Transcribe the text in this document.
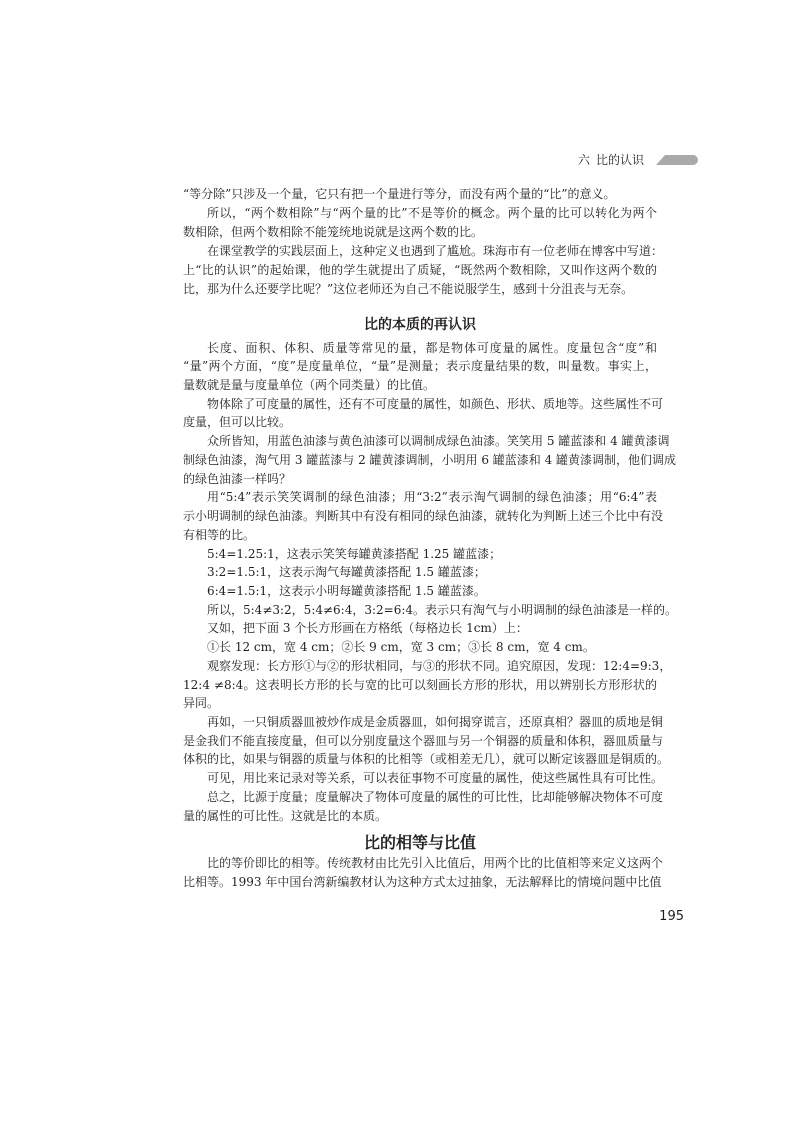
六 比的认识
“等分除”只涉及一个量，它只有把一个量进行等分，而没有两个量的“比”的意义。
所以，“两个数相除”与“两个量的比”不是等价的概念。两个量的比可以转化为两个
数相除，但两个数相除不能笼统地说就是这两个数的比。
在课堂教学的实践层面上，这种定义也遇到了尴尬。珠海市有一位老师在博客中写道：
上“比的认识”的起始课，他的学生就提出了质疑，“既然两个数相除，又叫作这两个数的
比，那为什么还要学比呢？”这位老师还为自己不能说服学生，感到十分沮丧与无奈。
比的本质的再认识
长度、面积、体积、质量等常见的量，都是物体可度量的属性。度量包含“度”和
“量”两个方面，“度”是度量单位，“量”是测量；表示度量结果的数，叫量数。事实上，
量数就是量与度量单位（两个同类量）的比值。
物体除了可度量的属性，还有不可度量的属性，如颜色、形状、质地等。这些属性不可
度量，但可以比较。
众所皆知，用蓝色油漆与黄色油漆可以调制成绿色油漆。笑笑用 5 罐蓝漆和 4 罐黄漆调
制绿色油漆，淘气用 3 罐蓝漆与 2 罐黄漆调制，小明用 6 罐蓝漆和 4 罐黄漆调制，他们调成
的绿色油漆一样吗？
用“5:4”表示笑笑调制的绿色油漆；用“3:2”表示淘气调制的绿色油漆；用“6:4”表
示小明调制的绿色油漆。判断其中有没有相同的绿色油漆，就转化为判断上述三个比中有没
有相等的比。
5:4=1.25:1，这表示笑笑每罐黄漆搭配 1.25 罐蓝漆；
3:2=1.5:1，这表示淘气每罐黄漆搭配 1.5 罐蓝漆；
6:4=1.5:1，这表示小明每罐黄漆搭配 1.5 罐蓝漆。
所以，5:4≠3:2，5:4≠6:4，3:2=6:4。表示只有淘气与小明调制的绿色油漆是一样的。
又如，把下面 3 个长方形画在方格纸（每格边长 1cm）上：
①长 12 cm，宽 4 cm；②长 9 cm，宽 3 cm；③长 8 cm，宽 4 cm。
观察发现：长方形①与②的形状相同，与③的形状不同。追究原因，发现：12:4=9:3，
12:4 ≠8:4。这表明长方形的长与宽的比可以刻画长方形的形状，用以辨别长方形形状的
异同。
再如，一只铜质器皿被炒作成是金质器皿，如何揭穿谎言，还原真相？器皿的质地是铜
是金我们不能直接度量，但可以分别度量这个器皿与另一个铜器的质量和体积，器皿质量与
体积的比，如果与铜器的质量与体积的比相等（或相差无几），就可以断定该器皿是铜质的。
可见，用比来记录对等关系，可以表征事物不可度量的属性，使这些属性具有可比性。
总之，比源于度量；度量解决了物体可度量的属性的可比性，比却能够解决物体不可度
量的属性的可比性。这就是比的本质。
比的相等与比值
比的等价即比的相等。传统教材由比先引入比值后，用两个比的比值相等来定义这两个
比相等。1993 年中国台湾新编教材认为这种方式太过抽象，无法解释比的情境问题中比值
195
